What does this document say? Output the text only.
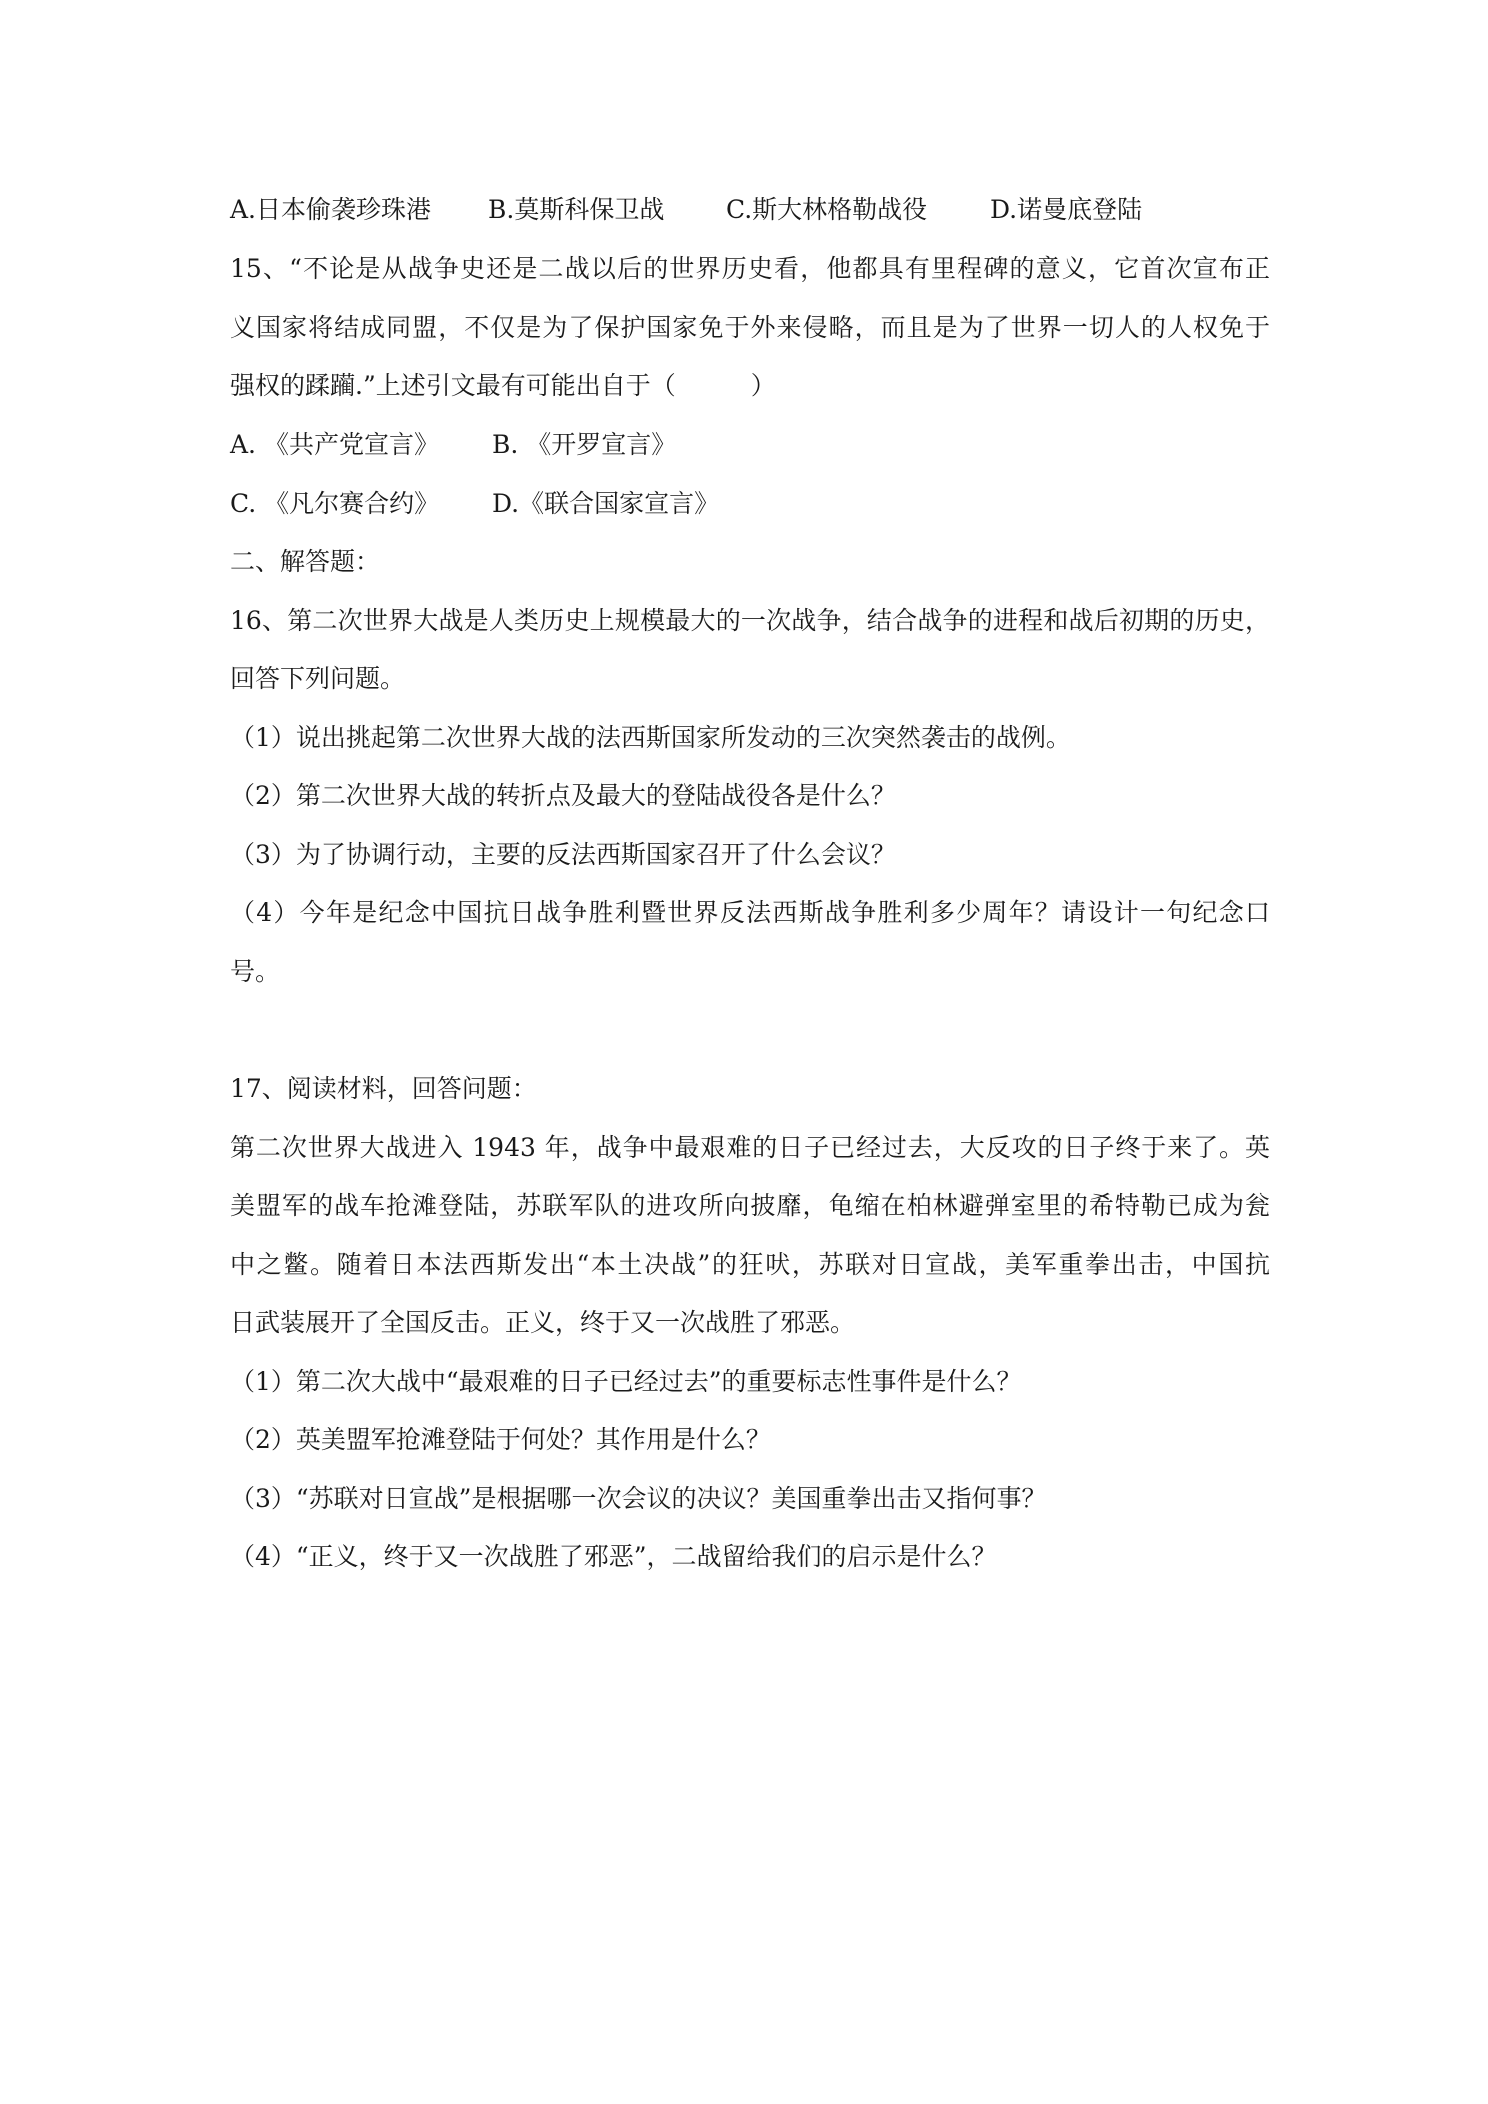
A.日本偷袭珍珠港 B.莫斯科保卫战 C.斯大林格勒战役	D.诺曼底登陆
15、“不论是从战争史还是二战以后的世界历史看，他都具有里程碑的意义，它首次宣布正
义国家将结成同盟，不仅是为了保护国家免于外来侵略，而且是为了世界一切人的人权免于
强权的蹂躏.”上述引文最有可能出自于（　　　）
A. 《共产党宣言》 B. 《开罗宣言》
C. 《凡尔赛合约》 D.《联合国家宣言》
二、解答题：
16、第二次世界大战是人类历史上规模最大的一次战争，结合战争的进程和战后初期的历史，
回答下列问题。
（1）说出挑起第二次世界大战的法西斯国家所发动的三次突然袭击的战例。
（2）第二次世界大战的转折点及最大的登陆战役各是什么？
（3）为了协调行动，主要的反法西斯国家召开了什么会议？
（4）今年是纪念中国抗日战争胜利暨世界反法西斯战争胜利多少周年？请设计一句纪念口
号。
17、阅读材料，回答问题：
第二次世界大战进入 1943 年，战争中最艰难的日子已经过去，大反攻的日子终于来了。英
美盟军的战车抢滩登陆，苏联军队的进攻所向披靡，龟缩在柏林避弹室里的希特勒已成为瓮
中之鳖。随着日本法西斯发出“本土决战”的狂吠，苏联对日宣战，美军重拳出击，中国抗
日武装展开了全国反击。正义，终于又一次战胜了邪恶。
（1）第二次大战中“最艰难的日子已经过去”的重要标志性事件是什么？
（2）英美盟军抢滩登陆于何处？其作用是什么？
（3）“苏联对日宣战”是根据哪一次会议的决议？美国重拳出击又指何事？
（4）“正义，终于又一次战胜了邪恶”，二战留给我们的启示是什么？
